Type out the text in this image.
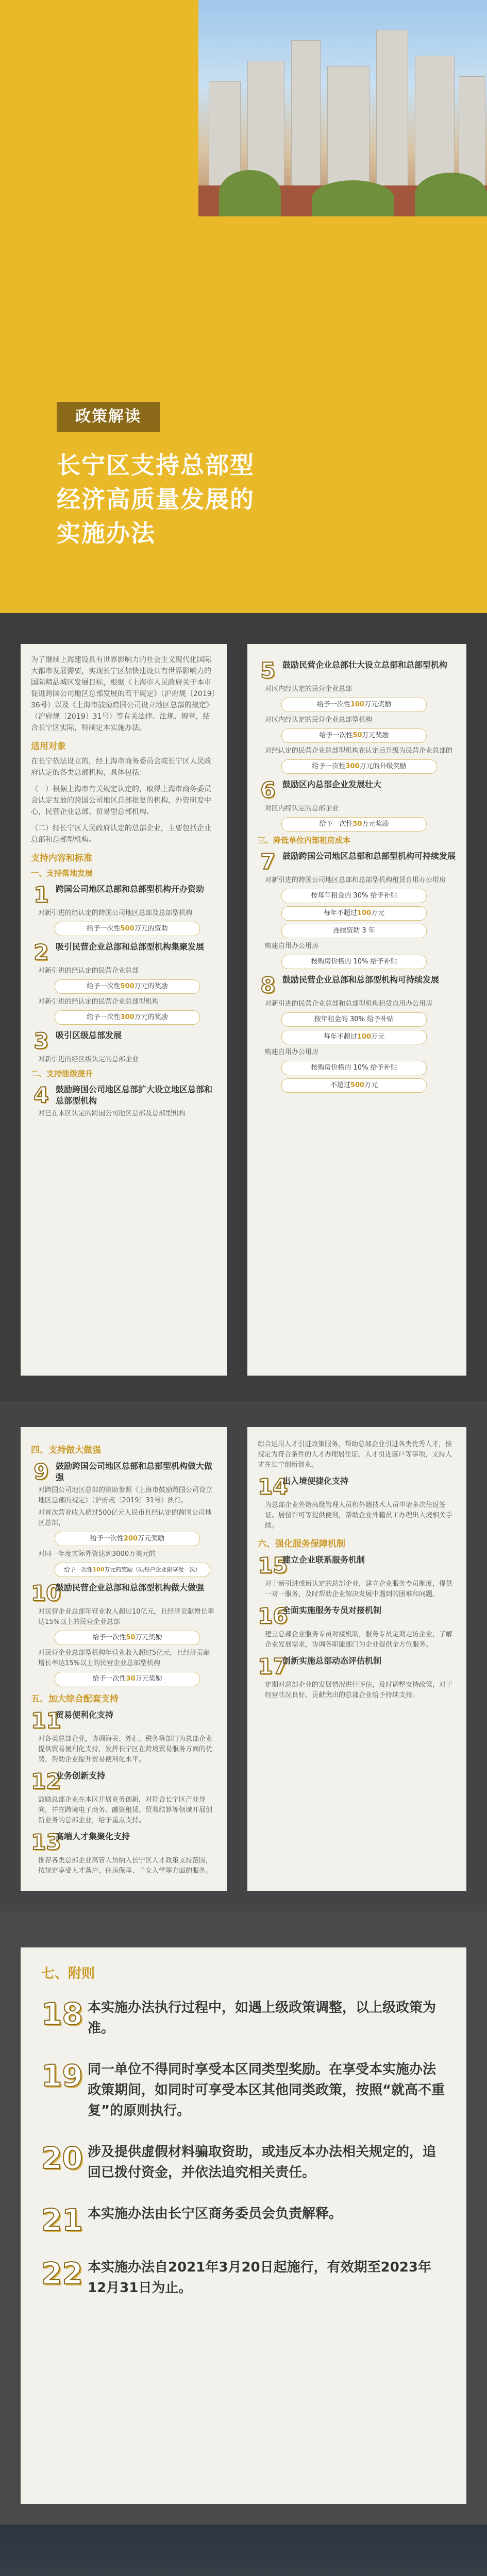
政策解读
长宁区支持总部型
经济高质量发展的
实施办法

为了继续上海建设具有世界影响力的社会主义现代化国际大都市发展需要，实现长宁区加快建设具有世界影响力的国际精品城区发展目标，根据《上海市人民政府关于本市促进跨国公司地区总部发展的若干规定》（沪府规〔2019〕36号）以及《上海市鼓励跨国公司设立地区总部的规定》（沪府规〔2019〕31号）等有关法律、法规、规章，结合长宁区实际，特制定本实施办法。

适用对象

在长宁依法设立的，经上海市商务委员会或长宁区人民政府认定的各类总部机构，具体包括：

（一）根据上海市有关规定认定的，取得上海市商务委员会认定发放的跨国公司地区总部批复的机构，外资研发中心，民营企业总部、贸易型总部机构。

（二）经长宁区人民政府认定的总部企业，主要包括企业总部和总部型机构。

支持内容和标准
一、支持落地发展
1 跨国公司地区总部和总部型机构开办资助
对新引进的经认定的跨国公司地区总部及总部型机构
给予一次性500万元的资助
2 吸引民营企业总部和总部型机构集聚发展
对新引进的经认定的民营企业总部
给予一次性500万元的奖励
对新引进的经认定的民营企业总部型机构
给予一次性300万元的奖励
3 吸引区级总部发展
对新引进的经区级认定的总部企业
二、支持能级提升
4 鼓励跨国公司地区总部扩大设立地区总部和总部型机构
对已在本区认定的跨国公司地区总部及总部型机构
5 鼓励民营企业总部壮大设立总部和总部型机构
对区内经认定的民营企业总部
给予一次性100万元奖励
对区内经认定的民营企业总部型机构
给予一次性50万元奖励
对经认定的民营企业总部型机构在认定后升级为民营企业总部的
给予一次性300万元的升级奖励
6 鼓励区内总部企业发展壮大
对区内经认定的总部企业
给予一次性50万元奖励
三、降低单位内部租房成本
7 鼓励跨国公司地区总部和总部型机构可持续发展
对新引进的跨国公司地区总部和总部型机构租赁自用办公用房
按每年租金的 30% 给予补贴
每年不超过100万元
连续资助 3 年
购建自用办公用房
按购房价格的 10% 给予补贴
8 鼓励民营企业总部和总部型机构可持续发展
对新引进的民营企业总部和总部型机构租赁自用办公用房
按年租金的 30% 给予补贴
每年不超过100万元
购建自用办公用房
按购房价格的 10% 给予补贴
不超过500万元
四、支持做大做强
9 鼓励跨国公司地区总部和总部型机构做大做强
对跨国公司地区总部的资助参照《上海市鼓励跨国公司设立地区总部的规定》（沪府规〔2019〕31号）执行。
对首次营业收入超过500亿元人民币且经认定的跨国公司地区总部，
给予一次性200万元奖励
对同一年度实际外资达到3000万美元的
给予一次性100万元的奖励（限每户企业限享受一次）
10
鼓励民营企业总部和总部型机构做大做强
对民营企业总部年营业收入超过10亿元，且经济贡献增长率达15%以上的民营企业总部
给予一次性50万元奖励
对民营企业总部型机构年营业收入超过5亿元，且经济贡献增长率达15%以上的民营企业总部型机构
给予一次性30万元奖励
五、加大综合配套支持
11
贸易便利化支持
对各类总部企业，协调海关、外汇、税务等部门为总部企业提供贸易便利化支持，发挥长宁区在跨境贸易服务方面的优势，帮助企业提升贸易便利化水平。
12
业务创新支持
鼓励总部企业在本区开展业务创新，对符合长宁区产业导向，并在跨境电子商务、融资租赁、贸易结算等领域开展创新业务的总部企业，给予重点支持。
13
高端人才集聚化支持
推荐各类总部企业高管人员纳入长宁区人才政策支持范围，按规定享受人才落户、住房保障、子女入学等方面的服务。
综合运用人才引进政策服务，帮助总部企业引进各类优秀人才，按规定为符合条件的人才办理居住证、人才引进落户等事项，支持人才在长宁创新创业。
14
出入境便捷化支持
为总部企业外籍高级管理人员和外籍技术人员申请多次往返签证、居留许可等提供便利，帮助企业外籍员工办理出入境相关手续。
六、强化服务保障机制
15
建立企业联系服务机制
对于新引进或新认定的总部企业，建立企业服务专员制度，提供一对一服务，及时帮助企业解决发展中遇到的困难和问题。
16
全面实施服务专员对接机制
建立总部企业服务专员对接机制，服务专员定期走访企业，了解企业发展需求，协调各职能部门为企业提供全方位服务。
17
创新实施总部动态评估机制
定期对总部企业的发展情况进行评估，及时调整支持政策，对于经营状况良好、贡献突出的总部企业给予持续支持。
七、附则
18 本实施办法执行过程中，如遇上级政策调整，以上级政策为准。
19 同一单位不得同时享受本区同类型奖励。在享受本实施办法政策期间，如同时可享受本区其他同类政策，按照“就高不重复”的原则执行。
20 涉及提供虚假材料骗取资助，或违反本办法相关规定的，追回已拨付资金，并依法追究相关责任。
21 本实施办法由长宁区商务委员会负责解释。
22 本实施办法自2021年3月20日起施行，有效期至2023年12月31日为止。
